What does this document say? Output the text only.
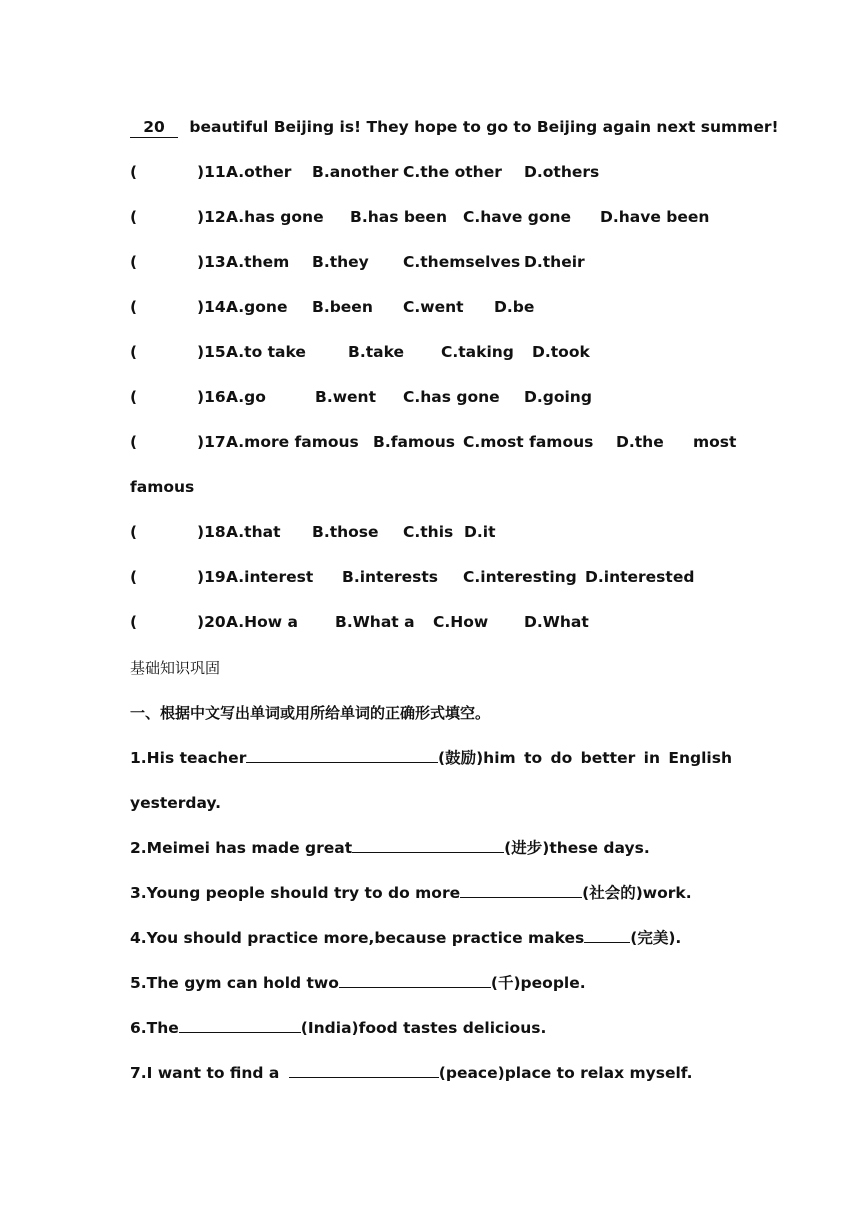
20 beautiful Beijing is! They hope to go to Beijing again next summer!
(	)11.
A.other B.another C.the other D.others
(	)12.
A.has gone B.has been C.have gone D.have been
(	)13.
A.them B.they C.themselves D.their
(	)14.
A.gone B.been C.went D.be
(	)15.
A.to take	B.take C.taking D.took
(	)16.
A.go	B.went C.has gone D.going
(	)17.
A.more famous B.famous C.most famous D.the most
famous
(	)18.
A.that B.those C.this D.it
(	)19.
A.interest B.interests C.interesting D.interested
(	)20.
A.How a B.What a C.How D.What
基础知识巩固
一、根据中文写出单词或用所给单词的正确形式填空。
1.His teacher	(鼓励)him to do better in English
yesterday.
2.Meimei has made great	(进步)these days.
3.Young people should try to do more	(社会的)work.
4.You should practice more,because practice makes	(完美).
5.The gym can hold two	(千)people.
6.The	(India)food tastes delicious.
7.I want to find a	(peace)place to relax myself.
